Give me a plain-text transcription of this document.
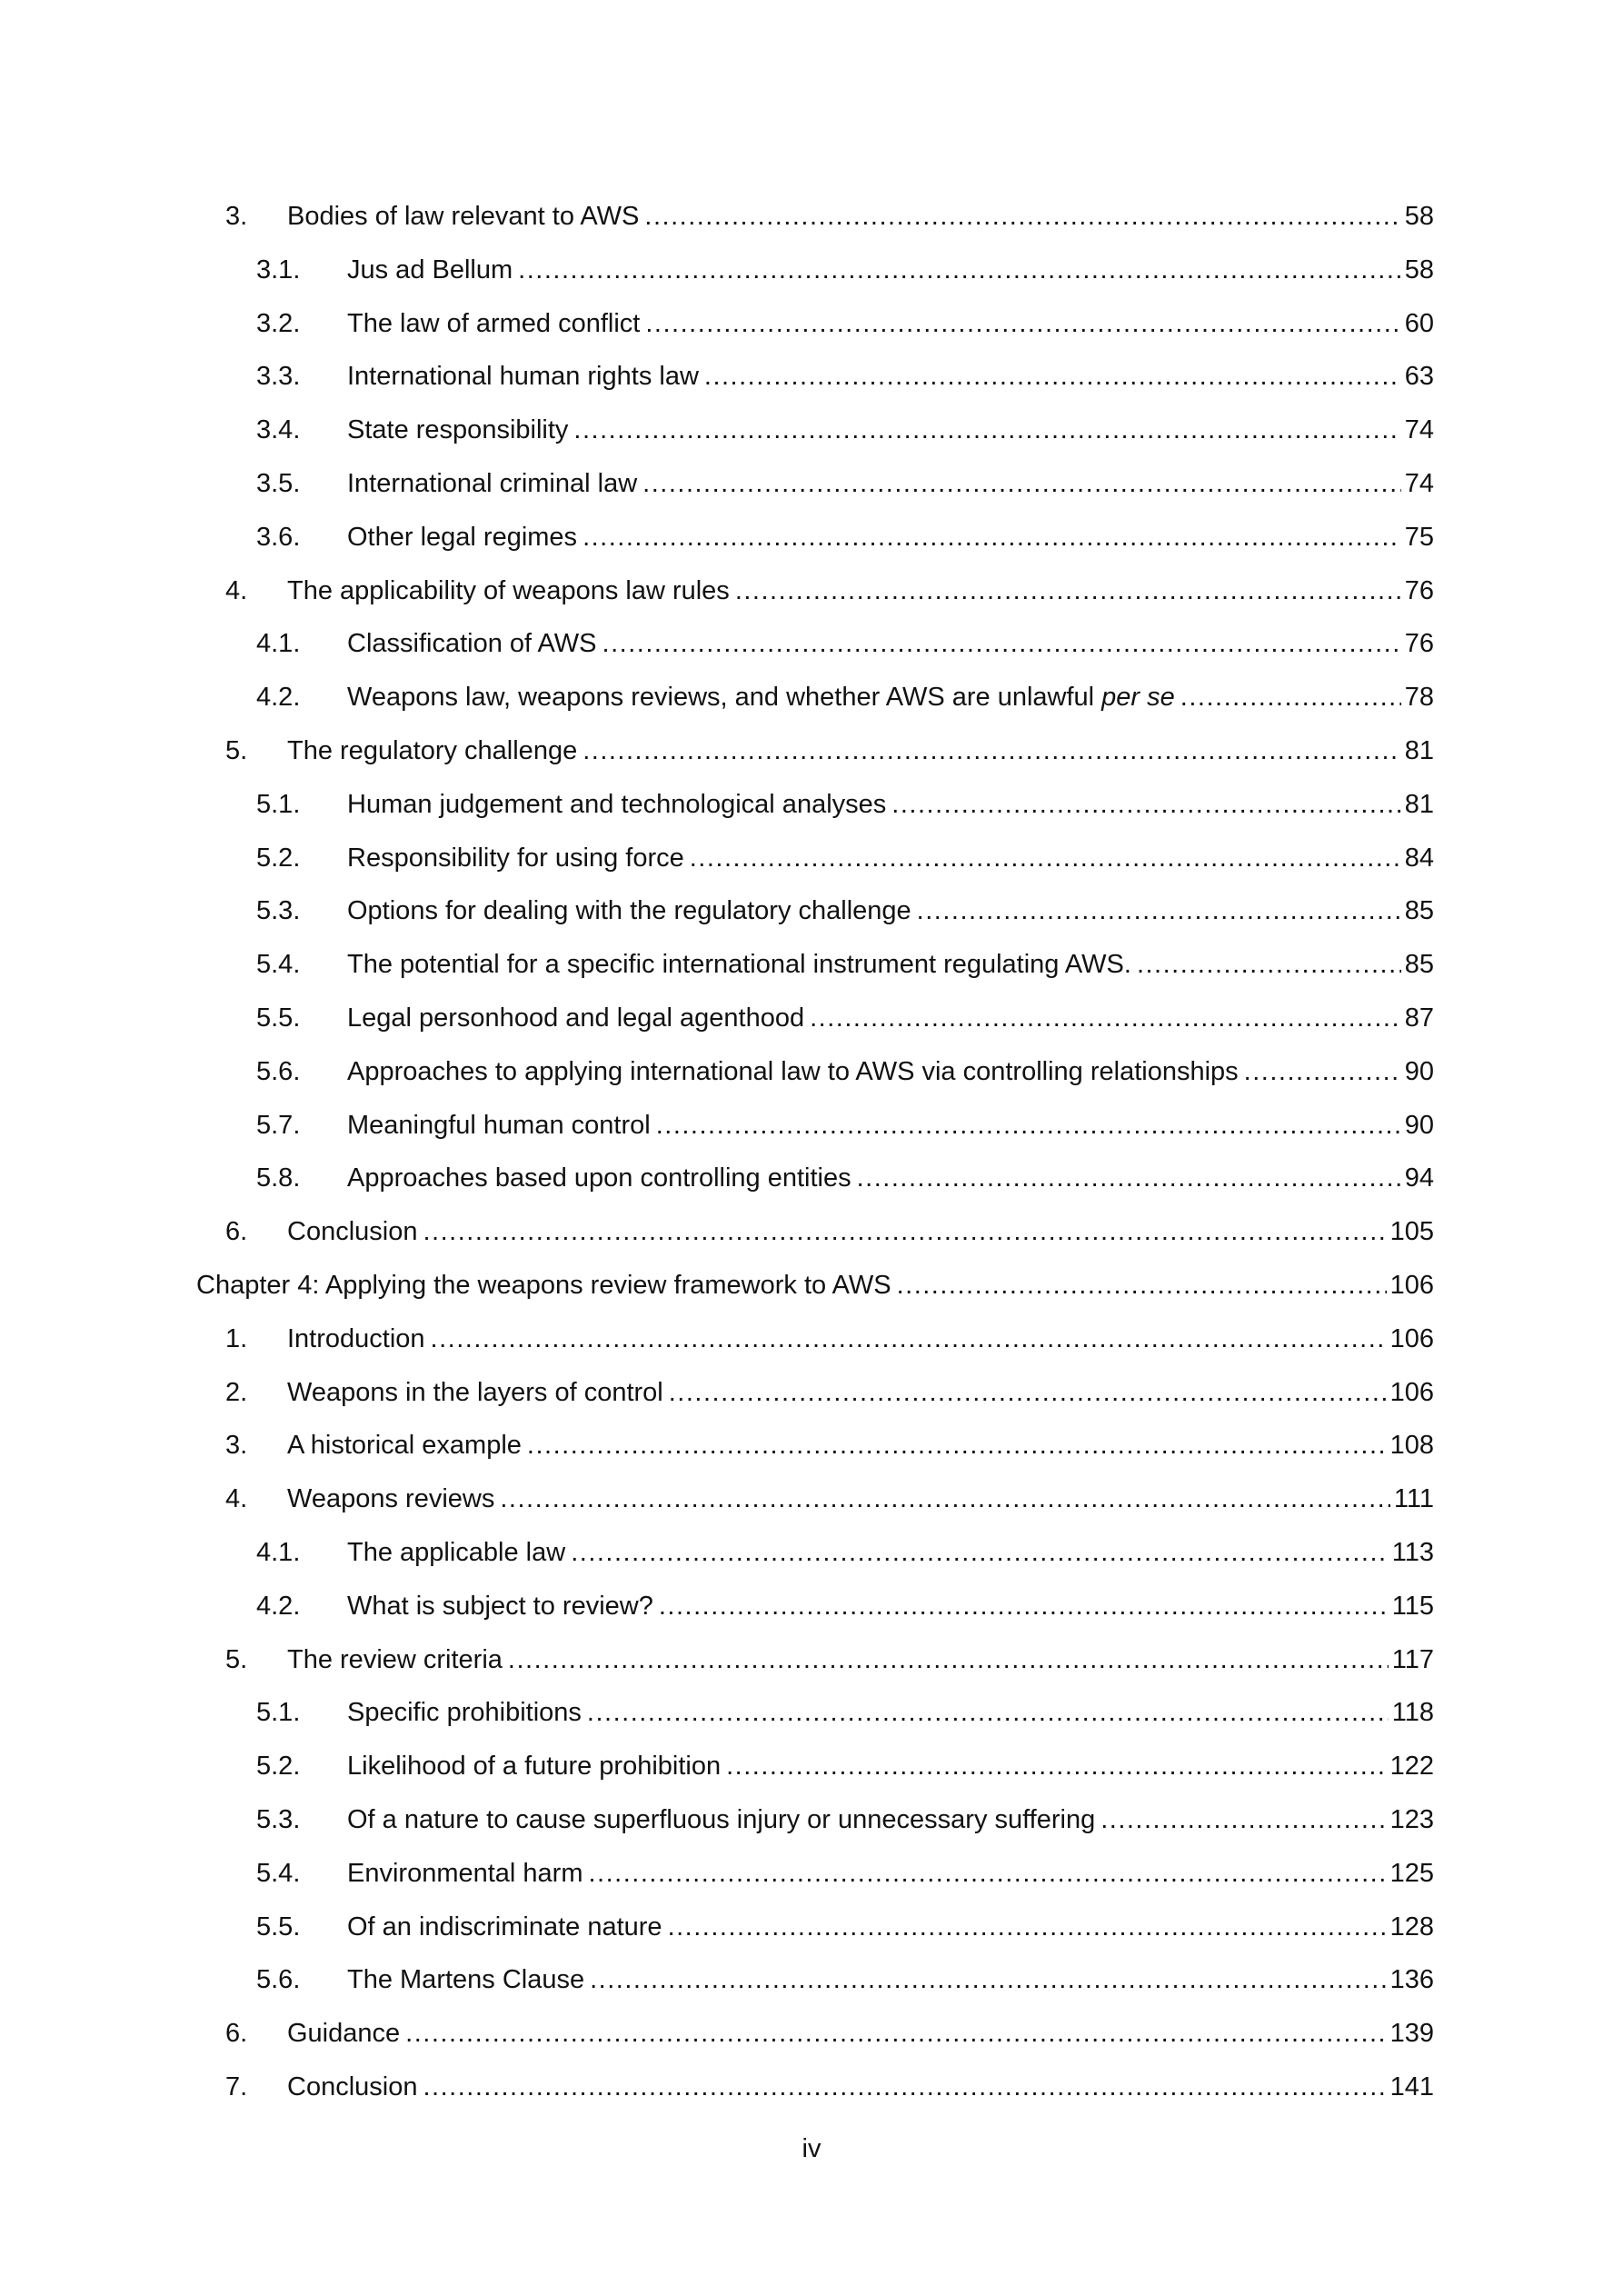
3.	Bodies of law relevant to AWS .....	58
3.1.	Jus ad Bellum .....	58
3.2.	The law of armed conflict .....	60
3.3.	International human rights law .....	63
3.4.	State responsibility .....	74
3.5.	International criminal law .....	74
3.6.	Other legal regimes .....	75
4.	The applicability of weapons law rules .....	76
4.1.	Classification of AWS .....	76
4.2.	Weapons law, weapons reviews, and whether AWS are unlawful per se .....	78
5.	The regulatory challenge .....	81
5.1.	Human judgement and technological analyses .....	81
5.2.	Responsibility for using force .....	84
5.3.	Options for dealing with the regulatory challenge .....	85
5.4.	The potential for a specific international instrument regulating AWS. .....	85
5.5.	Legal personhood and legal agenthood .....	87
5.6.	Approaches to applying international law to AWS via controlling relationships .....	90
5.7.	Meaningful human control .....	90
5.8.	Approaches based upon controlling entities .....	94
6.	Conclusion .....	105
Chapter 4: Applying the weapons review framework to AWS .....	106
1.	Introduction .....	106
2.	Weapons in the layers of control .....	106
3.	A historical example .....	108
4.	Weapons reviews .....	111
4.1.	The applicable law .....	113
4.2.	What is subject to review? .....	115
5.	The review criteria .....	117
5.1.	Specific prohibitions .....	118
5.2.	Likelihood of a future prohibition .....	122
5.3.	Of a nature to cause superfluous injury or unnecessary suffering .....	123
5.4.	Environmental harm .....	125
5.5.	Of an indiscriminate nature .....	128
5.6.	The Martens Clause .....	136
6.	Guidance .....	139
7.	Conclusion .....	141
iv
